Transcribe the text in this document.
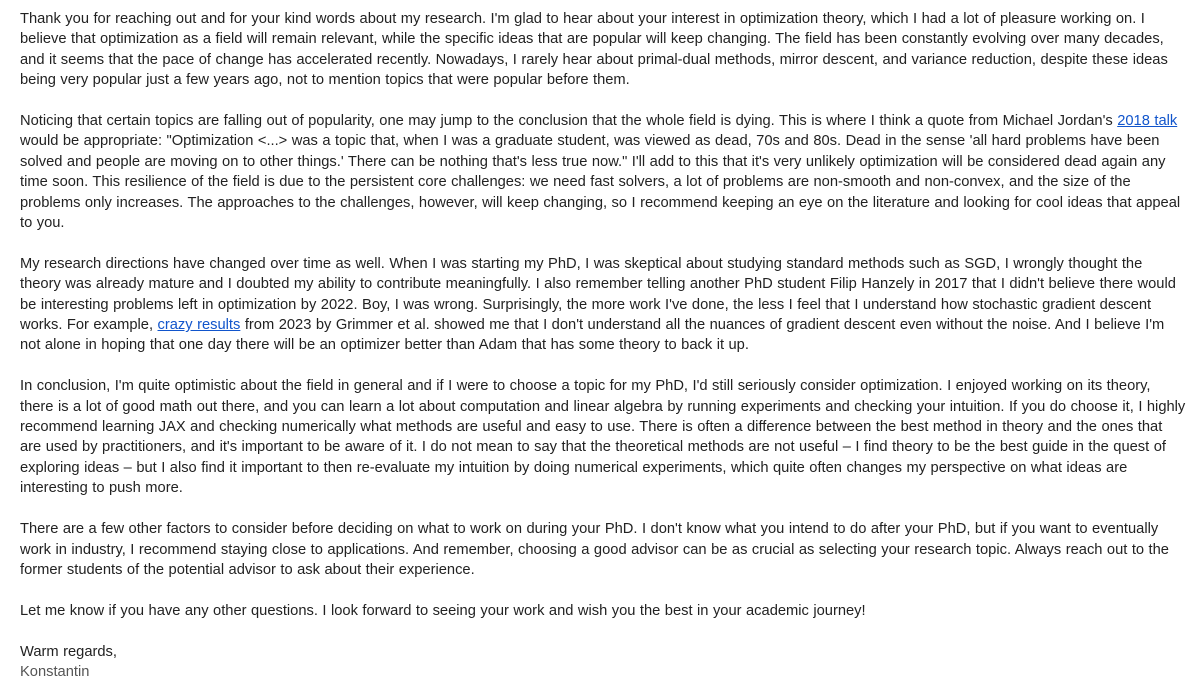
Thank you for reaching out and for your kind words about my research. I'm glad to hear about your interest in optimization theory, which I had a lot of pleasure working on. I believe that optimization as a field will remain relevant, while the specific ideas that are popular will keep changing. The field has been constantly evolving over many decades, and it seems that the pace of change has accelerated recently. Nowadays, I rarely hear about primal-dual methods, mirror descent, and variance reduction, despite these ideas being very popular just a few years ago, not to mention topics that were popular before them.

Noticing that certain topics are falling out of popularity, one may jump to the conclusion that the whole field is dying. This is where I think a quote from Michael Jordan's 2018 talk would be appropriate: "Optimization <...> was a topic that, when I was a graduate student, was viewed as dead, 70s and 80s. Dead in the sense 'all hard problems have been solved and people are moving on to other things.' There can be nothing that's less true now." I'll add to this that it's very unlikely optimization will be considered dead again any time soon. This resilience of the field is due to the persistent core challenges: we need fast solvers, a lot of problems are non-smooth and non-convex, and the size of the problems only increases. The approaches to the challenges, however, will keep changing, so I recommend keeping an eye on the literature and looking for cool ideas that appeal to you.

My research directions have changed over time as well. When I was starting my PhD, I was skeptical about studying standard methods such as SGD, I wrongly thought the theory was already mature and I doubted my ability to contribute meaningfully. I also remember telling another PhD student Filip Hanzely in 2017 that I didn't believe there would be interesting problems left in optimization by 2022. Boy, I was wrong. Surprisingly, the more work I've done, the less I feel that I understand how stochastic gradient descent works. For example, crazy results from 2023 by Grimmer et al. showed me that I don't understand all the nuances of gradient descent even without the noise. And I believe I'm not alone in hoping that one day there will be an optimizer better than Adam that has some theory to back it up.

In conclusion, I'm quite optimistic about the field in general and if I were to choose a topic for my PhD, I'd still seriously consider optimization. I enjoyed working on its theory, there is a lot of good math out there, and you can learn a lot about computation and linear algebra by running experiments and checking your intuition. If you do choose it, I highly recommend learning JAX and checking numerically what methods are useful and easy to use. There is often a difference between the best method in theory and the ones that are used by practitioners, and it's important to be aware of it. I do not mean to say that the theoretical methods are not useful – I find theory to be the best guide in the quest of exploring ideas – but I also find it important to then re-evaluate my intuition by doing numerical experiments, which quite often changes my perspective on what ideas are interesting to push more.

There are a few other factors to consider before deciding on what to work on during your PhD. I don't know what you intend to do after your PhD, but if you want to eventually work in industry, I recommend staying close to applications. And remember, choosing a good advisor can be as crucial as selecting your research topic. Always reach out to the former students of the potential advisor to ask about their experience.

Let me know if you have any other questions. I look forward to seeing your work and wish you the best in your academic journey!

Warm regards,

Konstantin
